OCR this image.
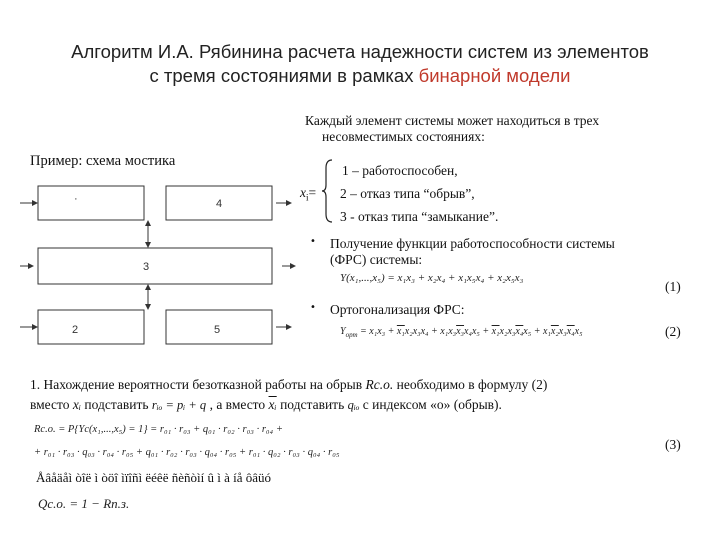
Алгоритм И.А. Рябинина расчета надежности систем из элементов
с тремя состояниями в рамках бинарной модели
Пример: схема мостика
·	4
3
2	5
Каждый элемент системы может находиться в трех
несовместимых состояниях:
$x_i=$
1 – работоспособен,
2 – отказ типа “обрыв”,
3 - отказ типа “замыкание”.
• Получение функции работоспособности системы
(ФРС) системы:
Y(x₁,...,x₅) = x₁x₃ + x₂x₄ + x₁x₅x₄ + x₂x₅x₃
(1)
• Ортогонализация ФРС:
$Y_{орт} = x_1x_3 + x_1x_2x_3x_4 + x_1x_3x_3x_4x_5 + x_1x_2x_3x_4x_5 + x_1x_2x_3x_4x_5$	(2)
1. Нахождение вероятности безотказной работы на обрыв Rc.o. необходимо в формулу (2)
вместо xᵢ подставить rᵢₒ = pᵢ + q , а вместо $\overline{xᵢ}$ подставить qᵢₒ с индексом «о» (обрыв).
Rc.o. = P{Yc(x₁,...,x₅) = 1} = r₀₁ · r₀₃ + q₀₁ · r₀₂ · r₀₃ · r₀₄ +
+ r₀₁ · r₀₃ · q₀₃ · r₀₄ · r₀₅ + q₀₁ · r₀₂ · r₀₃ · q₀₄ · r₀₅ + r₀₁ · q₀₂ · r₀₃ · q₀₄ · r₀₅
(3)
Åâåäåì òîë ì òöî ìïîñì ëéêë ñèñòìí û ì à íå ôâüó
Qc.o. = 1 − Rп.з.
